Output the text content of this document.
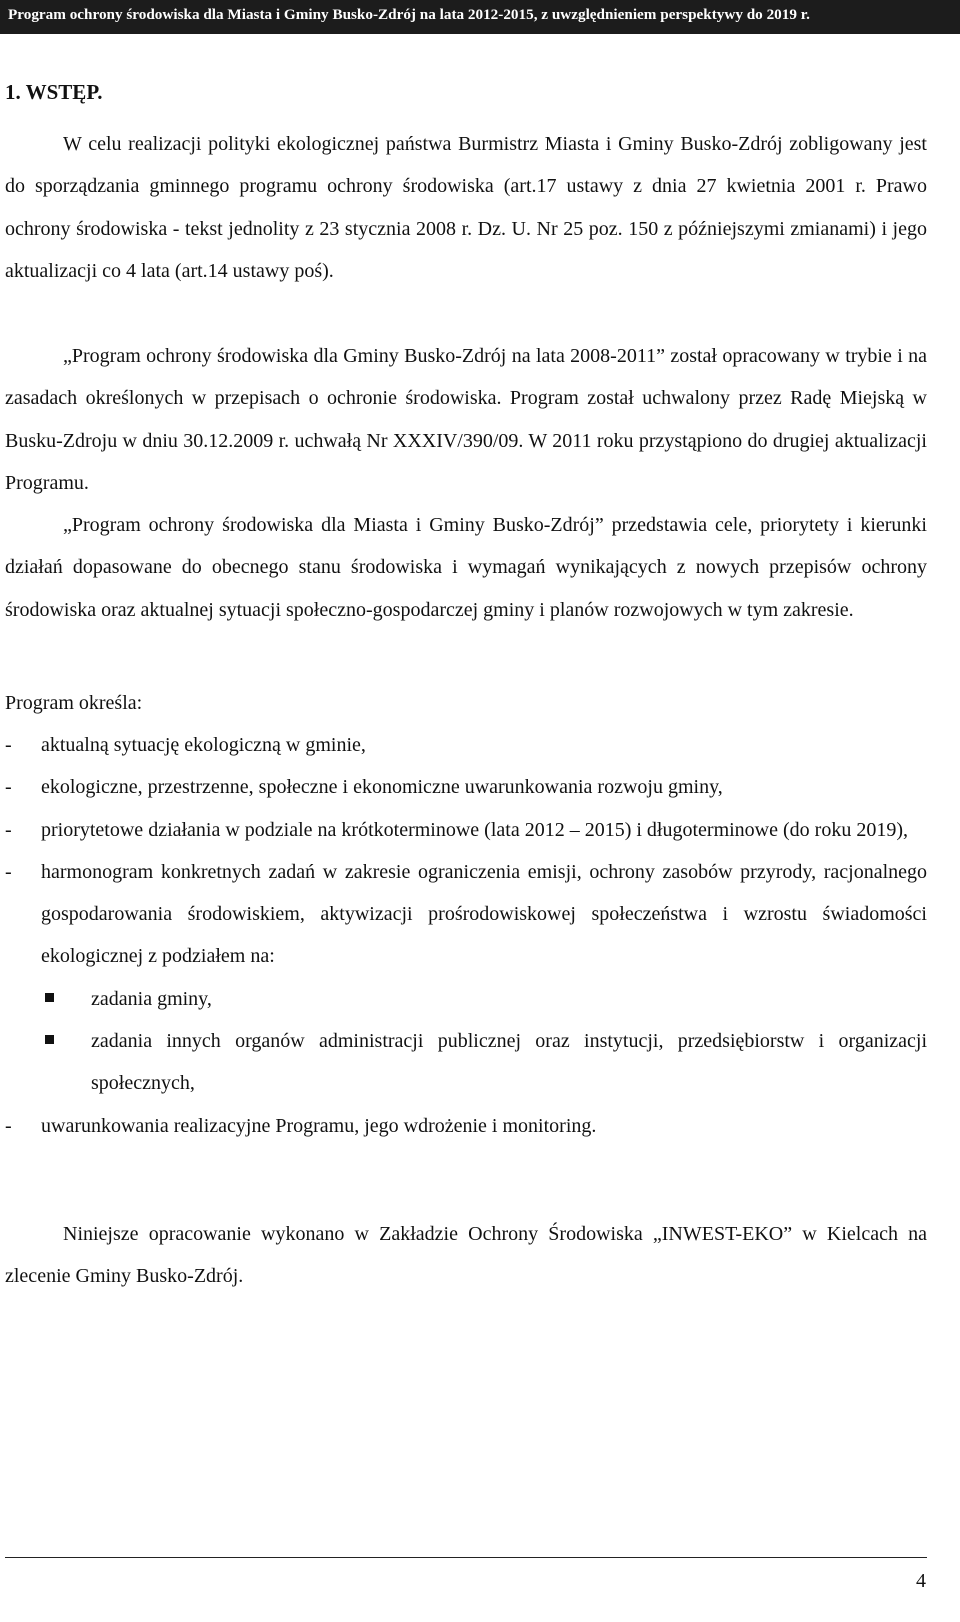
Program ochrony środowiska dla Miasta i Gminy Busko-Zdrój na lata 2012-2015, z uwzględnieniem perspektywy do 2019 r.
1. WSTĘP.

W celu realizacji polityki ekologicznej państwa Burmistrz Miasta i Gminy Busko-Zdrój zobligowany jest do sporządzania gminnego programu ochrony środowiska (art.17 ustawy z dnia 27 kwietnia 2001 r. Prawo ochrony środowiska - tekst jednolity z 23 stycznia 2008 r. Dz. U. Nr 25 poz. 150 z późniejszymi zmianami) i jego aktualizacji co 4 lata (art.14 ustawy poś).

„Program ochrony środowiska dla Gminy Busko-Zdrój na lata 2008-2011” został opracowany w trybie i na zasadach określonych w przepisach o ochronie środowiska. Program został uchwalony przez Radę Miejską w Busku-Zdroju w dniu 30.12.2009 r. uchwałą Nr XXXIV/390/09. W 2011 roku przystąpiono do drugiej aktualizacji Programu.

„Program ochrony środowiska dla Miasta i Gminy Busko-Zdrój” przedstawia cele, priorytety i kierunki działań dopasowane do obecnego stanu środowiska i wymagań wynikających z nowych przepisów ochrony środowiska oraz aktualnej sytuacji społeczno-gospodarczej gminy i planów rozwojowych w tym zakresie.

Program określa:

- aktualną sytuację ekologiczną w gminie,
- ekologiczne, przestrzenne, społeczne i ekonomiczne uwarunkowania rozwoju gminy,
- priorytetowe działania w podziale na krótkoterminowe (lata 2012 – 2015) i długoterminowe (do roku 2019),
- harmonogram konkretnych zadań w zakresie ograniczenia emisji, ochrony zasobów przyrody, racjonalnego gospodarowania środowiskiem, aktywizacji prośrodowiskowej społeczeństwa i wzrostu świadomości ekologicznej z podziałem na:
zadania gminy,
zadania innych organów administracji publicznej oraz instytucji, przedsiębiorstw i organizacji społecznych,
- uwarunkowania realizacyjne Programu, jego wdrożenie i monitoring.

Niniejsze opracowanie wykonano w Zakładzie Ochrony Środowiska „INWEST-EKO” w Kielcach na zlecenie Gminy Busko-Zdrój.

4
